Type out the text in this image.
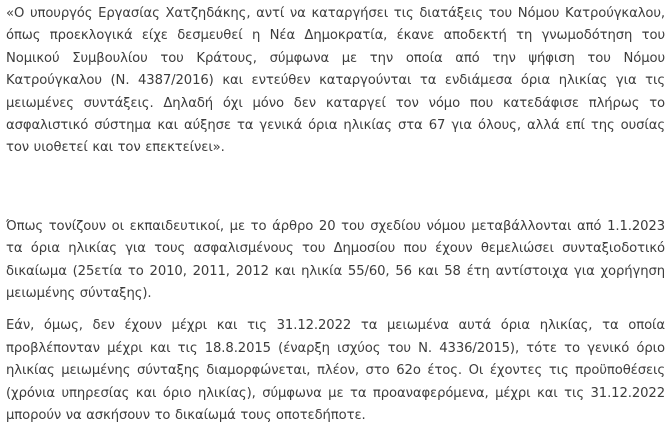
«Ο υπουργός Εργασίας Χατζηδάκης, αντί να καταργήσει τις διατάξεις του Νόμου Κατρούγκαλου, όπως προεκλογικά είχε δεσμευθεί η Νέα Δημοκρατία, έκανε αποδεκτή τη γνωμοδότηση του Νομικού Συμβουλίου του Κράτους, σύμφωνα με την οποία από την ψήφιση του Νόμου Κατρούγκαλου (Ν. 4387/2016) και εντεύθεν καταργούνται τα ενδιάμεσα όρια ηλικίας για τις μειωμένες συντάξεις. Δηλαδή όχι μόνο δεν καταργεί τον νόμο που κατεδάφισε πλήρως το ασφαλιστικό σύστημα και αύξησε τα γενικά όρια ηλικίας στα 67 για όλους, αλλά επί της ουσίας τον υιοθετεί και τον επεκτείνει».

Όπως τονίζουν οι εκπαιδευτικοί, με το άρθρο 20 του σχεδίου νόμου μεταβάλλονται από 1.1.2023 τα όρια ηλικίας για τους ασφαλισμένους του Δημοσίου που έχουν θεμελιώσει συνταξιοδοτικό δικαίωμα (25ετία το 2010, 2011, 2012 και ηλικία 55/60, 56 και 58 έτη αντίστοιχα για χορήγηση μειωμένης σύνταξης).

Εάν, όμως, δεν έχουν μέχρι και τις 31.12.2022 τα μειωμένα αυτά όρια ηλικίας, τα οποία προβλέπονταν μέχρι και τις 18.8.2015 (έναρξη ισχύος του Ν. 4336/2015), τότε το γενικό όριο ηλικίας μειωμένης σύνταξης διαμορφώνεται, πλέον, στο 62ο έτος. Οι έχοντες τις προϋποθέσεις (χρόνια υπηρεσίας και όριο ηλικίας), σύμφωνα με τα προαναφερόμενα, μέχρι και τις 31.12.2022 μπορούν να ασκήσουν το δικαίωμά τους οποτεδήποτε.
